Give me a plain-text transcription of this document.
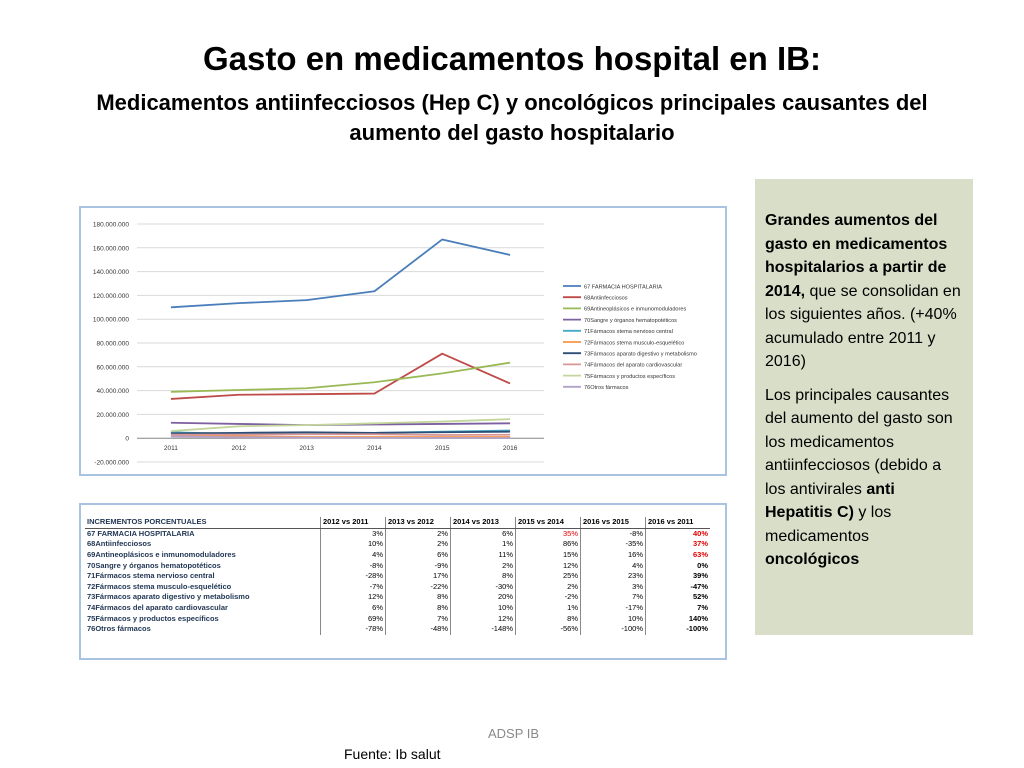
Gasto en medicamentos hospital en IB:
Medicamentos antiinfecciosos (Hep C) y oncológicos principales causantes del aumento del gasto hospitalario
180.000.000
160.000.000
140.000.000
120.000.000
100.000.000
80.000.000
60.000.000
40.000.000
20.000.000
0
-20.000.000
2011	2012	2013	2014	2015	2016
67 FARMACIA HOSPITALARIA
68Antiinfecciosos
69Antineoplásicos e inmunomoduladores
70Sangre y órganos hematopotéticos
71Fármacos stema nervioso central
72Fármacos stema musculo-esquelético
73Fármacos aparato digestivo y metabolismo
74Fármacos del aparato cardiovascular
75Fármacos y productos específicos
76Otros fármacos
INCREMENTOS PORCENTUALES	2012 vs 2011	2013 vs 2012	2014 vs 2013	2015 vs 2014	2016 vs 2015	2016 vs 2011
67 FARMACIA HOSPITALARIA	3%	2%	6%	35%	-8%	40%
68Antiinfecciosos	10%	2%	1%	86%	-35%	37%
69Antineoplásicos e inmunomoduladores	4%	6%	11%	15%	16%	63%
70Sangre y órganos hematopotéticos	-8%	-9%	2%	12%	4%	0%
71Fármacos stema nervioso central	-28%	17%	8%	25%	23%	39%
72Fármacos stema musculo-esquelético	-7%	-22%	-30%	2%	3%	-47%
73Fármacos aparato digestivo y metabolismo	12%	8%	20%	-2%	7%	52%
74Fármacos del aparato cardiovascular	6%	8%	10%	1%	-17%	7%
75Fármacos y productos específicos	69%	7%	12%	8%	10%	140%
76Otros fármacos	-78%	-48%	-148%	-56%	-100%	-100%

Grandes aumentos del gasto en medicamentos hospitalarios a partir de 2014, que se consolidan en los siguientes años. (+40% acumulado entre 2011 y 2016)

Los principales causantes del aumento del gasto son los medicamentos antiinfecciosos (debido a los antivirales anti Hepatitis C) y los medicamentos oncológicos

ADSP IB
Fuente: Ib salut
